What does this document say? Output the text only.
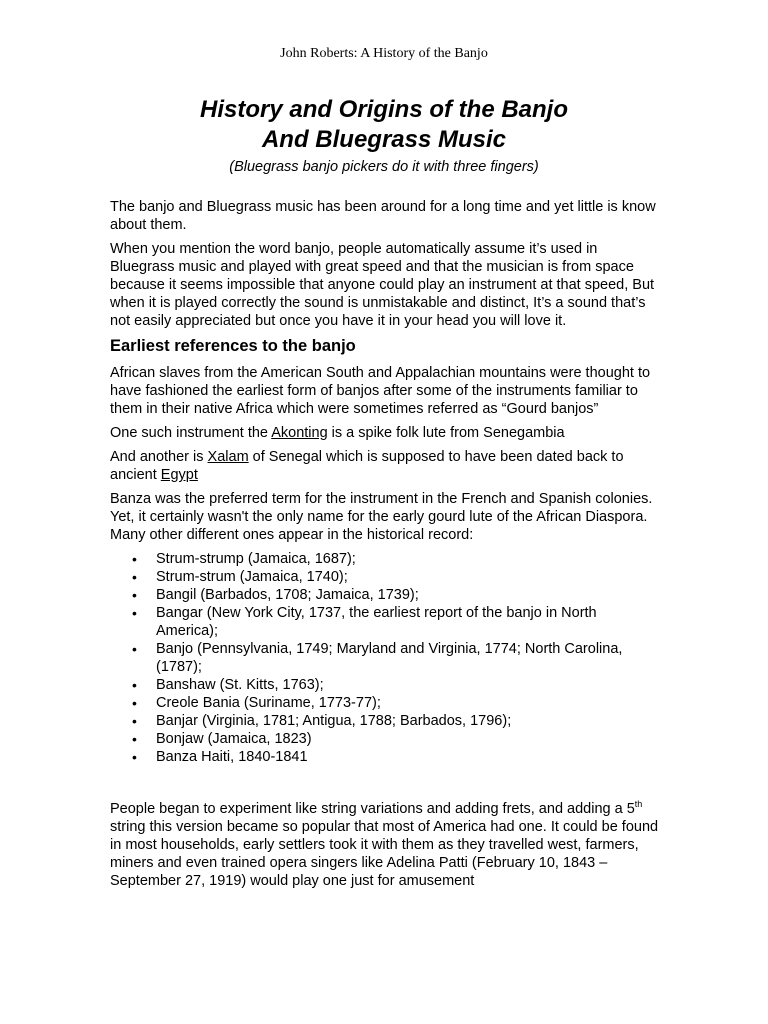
John Roberts: A History of the Banjo
History and Origins of the Banjo
And Bluegrass Music
(Bluegrass banjo pickers do it with three fingers)

The banjo and Bluegrass music has been around for a long time and yet little is know about them.

When you mention the word banjo, people automatically assume it’s used in Bluegrass music and played with great speed and that the musician is from space because it seems impossible that anyone could play an instrument at that speed, But when it is played correctly the sound is unmistakable and distinct, It’s a sound that’s not easily appreciated but once you have it in your head you will love it.

Earliest references to the banjo

African slaves from the American South and Appalachian mountains were thought to have fashioned the earliest form of banjos after some of the instruments familiar to them in their native Africa which were sometimes referred as “Gourd banjos”

One such instrument the Akonting is a spike folk lute from Senegambia

And another is Xalam of Senegal which is supposed to have been dated back to ancient Egypt

Banza was the preferred term for the instrument in the French and Spanish colonies. Yet, it certainly wasn't the only name for the early gourd lute of the African Diaspora. Many other different ones appear in the historical record:

• Strum-strump (Jamaica, 1687);
• Strum-strum (Jamaica, 1740);
• Bangil (Barbados, 1708; Jamaica, 1739);
• Bangar (New York City, 1737, the earliest report of the banjo in North America);
• Banjo (Pennsylvania, 1749; Maryland and Virginia, 1774; North Carolina, (1787);
• Banshaw (St. Kitts, 1763);
• Creole Bania (Suriname, 1773-77);
• Banjar (Virginia, 1781; Antigua, 1788; Barbados, 1796);
• Bonjaw (Jamaica, 1823)
• Banza Haiti, 1840-1841

People began to experiment like string variations and adding frets, and adding a 5th string this version became so popular that most of America had one. It could be found in most households, early settlers took it with them as they travelled west, farmers, miners and even trained opera singers like Adelina Patti (February 10, 1843 – September 27, 1919) would play one just for amusement
